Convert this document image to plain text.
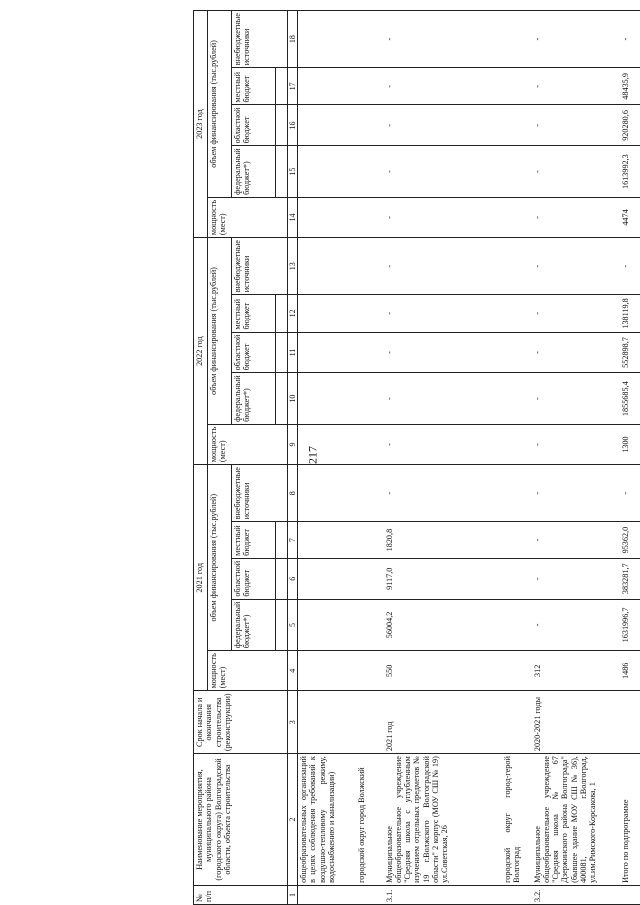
217
№ п/п	Наименование мероприятия, муниципального района (городского округа) Волгоградской области, объекта строительства	Срок начала и окончания строительства (реконструкции)	2021 год					2022 год					2023 год				
			мощность (мест)	объем финансирования (тыс.рублей)				мощность (мест)	объем финансирования (тыс.рублей)				мощность (мест)	объем финансирования (тыс.рублей)			
				федеральный бюджет*)	областной бюджет	местный бюджет	внебюджетные источники		федеральный бюджет*)	областной бюджет	местный бюджет	внебюджетные источники		федеральный бюджет*)	областной бюджет	местный бюджет	внебюджетные источники

1	2	3	4	5	6	7	8	9	10	11	12	13	14	15	16	17	18
	общеобразовательных организаций в целях соблюдения требований к воздушно-тепловому режиму, водоснабжению и канализации)																
	городской округ город Волжский																
3.1.	Муниципальное общеобразовательное учреждение "Средняя школа с углубленным изучением отдельных предметов № 19 г.Волжского Волгоградской области" 2 корпус (МОУ СШ № 19) ул.Советская, 26	2021 год	550	56004,2	9117,0	1820,8	-	-	-	-	-	-	-	-	-	-	-
	городской округ город-герой Волгоград																
3.2.	Муниципальное общеобразовательное учреждение "Средняя школа № 67 Дзержинского района Волгограда" (бывшее здание МОУ СШ № 36), 400081, г.Волгоград, ул.им.Римского-Корсакова, 1	2020-2021 годы	312	-	-	-	-	-	-	-	-	-	-	-	-	-	-
	Итого по подпрограмме		1486	1631996,7	383281,7	95362,0	-	1300	1855685,4	552898,7	138119,8	-	4474	1613992,3	920280,6	48435,9	-
